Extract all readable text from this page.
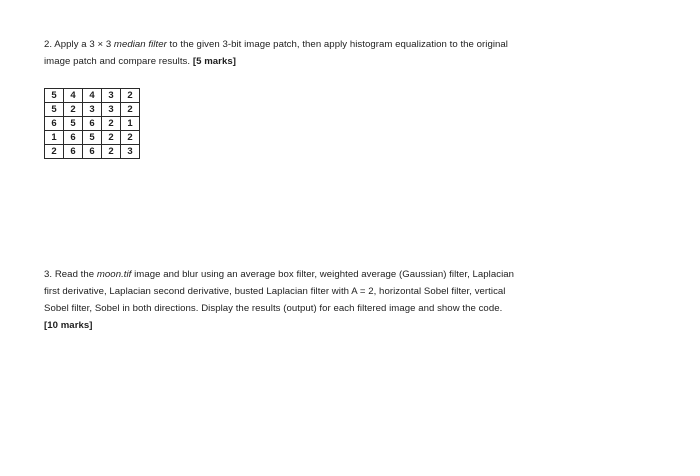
2. Apply a 3 × 3 median filter to the given 3-bit image patch, then apply histogram equalization to the original

image patch and compare results. [5 marks]

5	4	4	3	2
5	2	3	3	2
6	5	6	2	1
1	6	5	2	2
2	6	6	2	3

3. Read the moon.tif image and blur using an average box filter, weighted average (Gaussian) filter, Laplacian

first derivative, Laplacian second derivative, busted Laplacian filter with A = 2, horizontal Sobel filter, vertical

Sobel filter, Sobel in both directions. Display the results (output) for each filtered image and show the code.

[10 marks]
